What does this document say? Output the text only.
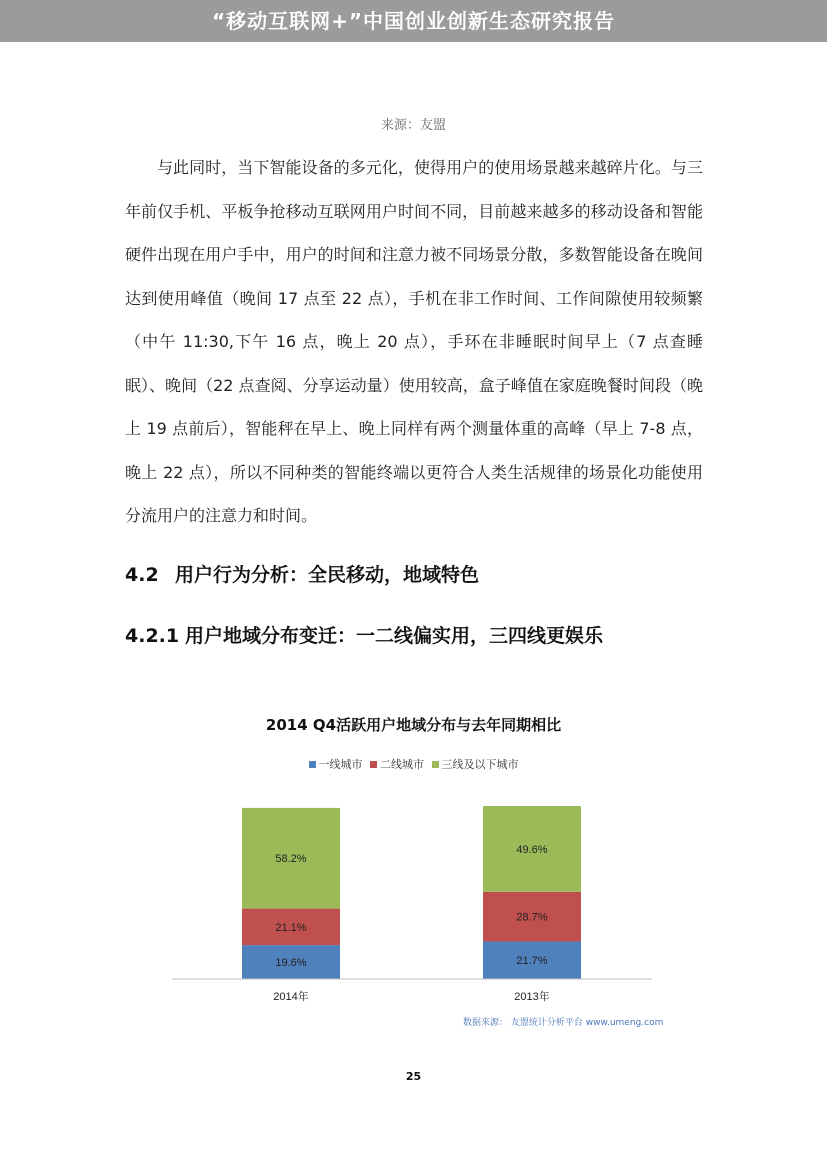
“移动互联网+”中国创业创新生态研究报告
来源：友盟

与此同时，当下智能设备的多元化，使得用户的使用场景越来越碎片化。与三年前仅手机、平板争抢移动互联网用户时间不同，目前越来越多的移动设备和智能硬件出现在用户手中，用户的时间和注意力被不同场景分散，多数智能设备在晚间达到使用峰值（晚间 17 点至 22 点），手机在非工作时间、工作间隙使用较频繁（中午 11:30,下午 16 点，晚上 20 点），手环在非睡眠时间早上（7 点查睡眠）、晚间（22 点查阅、分享运动量）使用较高，盒子峰值在家庭晚餐时间段（晚上 19 点前后），智能秤在早上、晚上同样有两个测量体重的高峰（早上 7-8 点，晚上 22 点），所以不同种类的智能终端以更符合人类生活规律的场景化功能使用分流用户的注意力和时间。

4.2 用户行为分析：全民移动，地域特色
4.2.1 用户地域分布变迁：一二线偏实用，三四线更娱乐
2014 Q4活跃用户地域分布与去年同期相比
一线城市
二线城市
三线及以下城市
19.6%
21.1%
58.2%
2014年
21.7%
28.7%
49.6%
2013年
数据来源： 友盟统计分析平台 www.umeng.com
25
